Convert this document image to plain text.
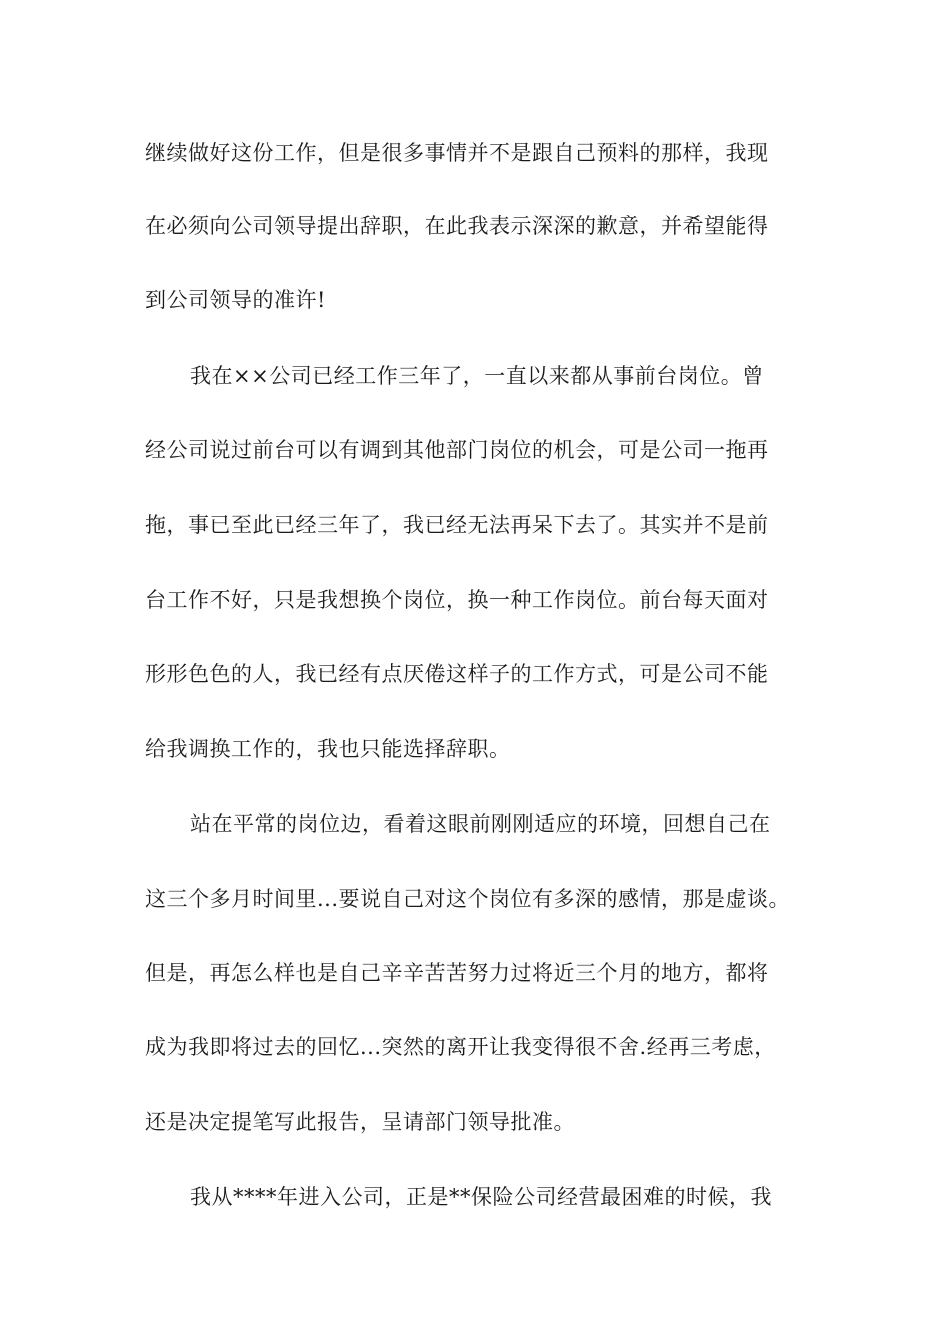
继续做好这份工作，但是很多事情并不是跟自己预料的那样，我现
在必须向公司领导提出辞职，在此我表示深深的歉意，并希望能得
到公司领导的准许!
我在××公司已经工作三年了，一直以来都从事前台岗位。曾
经公司说过前台可以有调到其他部门岗位的机会，可是公司一拖再
拖，事已至此已经三年了，我已经无法再呆下去了。其实并不是前
台工作不好，只是我想换个岗位，换一种工作岗位。前台每天面对
形形色色的人，我已经有点厌倦这样子的工作方式，可是公司不能
给我调换工作的，我也只能选择辞职。
站在平常的岗位边，看着这眼前刚刚适应的环境，回想自己在
这三个多月时间里...要说自己对这个岗位有多深的感情，那是虚谈。
但是，再怎么样也是自己辛辛苦苦努力过将近三个月的地方，都将
成为我即将过去的回忆...突然的离开让我变得很不舍.经再三考虑，
还是决定提笔写此报告，呈请部门领导批准。
我从****年进入公司，正是**保险公司经营最困难的时候，我
